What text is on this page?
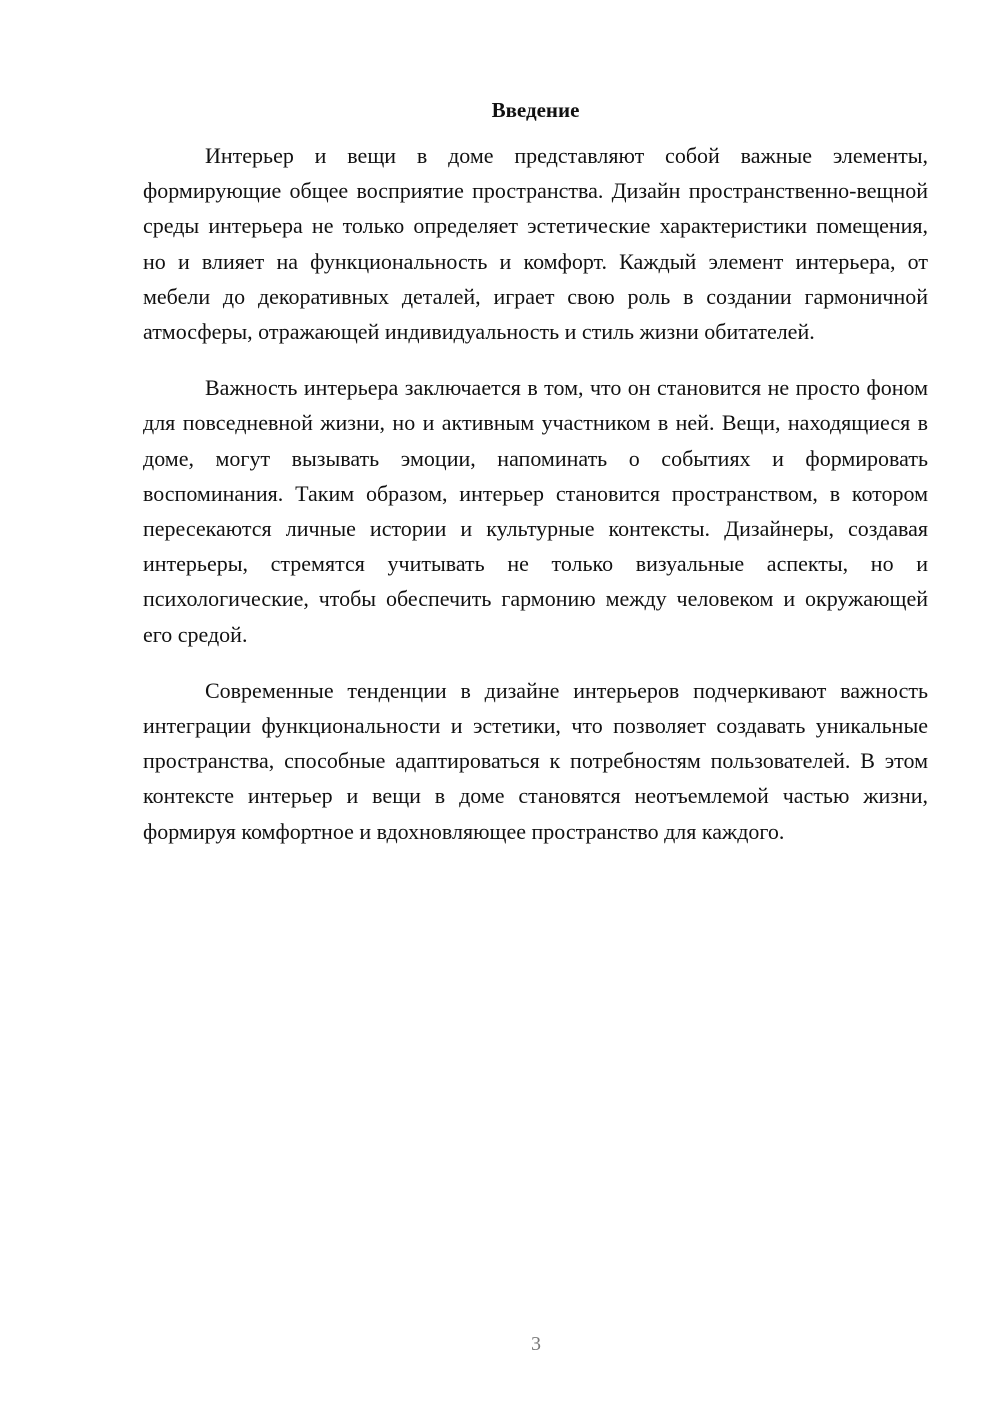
Введение

Интерьер и вещи в доме представляют собой важные элементы, формирующие общее восприятие пространства. Дизайн пространственно-вещной среды интерьера не только определяет эстетические характеристики помещения, но и влияет на функциональность и комфорт. Каждый элемент интерьера, от мебели до декоративных деталей, играет свою роль в создании гармоничной атмосферы, отражающей индивидуальность и стиль жизни обитателей.

Важность интерьера заключается в том, что он становится не просто фоном для повседневной жизни, но и активным участником в ней. Вещи, находящиеся в доме, могут вызывать эмоции, напоминать о событиях и формировать воспоминания. Таким образом, интерьер становится пространством, в котором пересекаются личные истории и культурные контексты. Дизайнеры, создавая интерьеры, стремятся учитывать не только визуальные аспекты, но и психологические, чтобы обеспечить гармонию между человеком и окружающей его средой.

Современные тенденции в дизайне интерьеров подчеркивают важность интеграции функциональности и эстетики, что позволяет создавать уникальные пространства, способные адаптироваться к потребностям пользователей. В этом контексте интерьер и вещи в доме становятся неотъемлемой частью жизни, формируя комфортное и вдохновляющее пространство для каждого.

3
